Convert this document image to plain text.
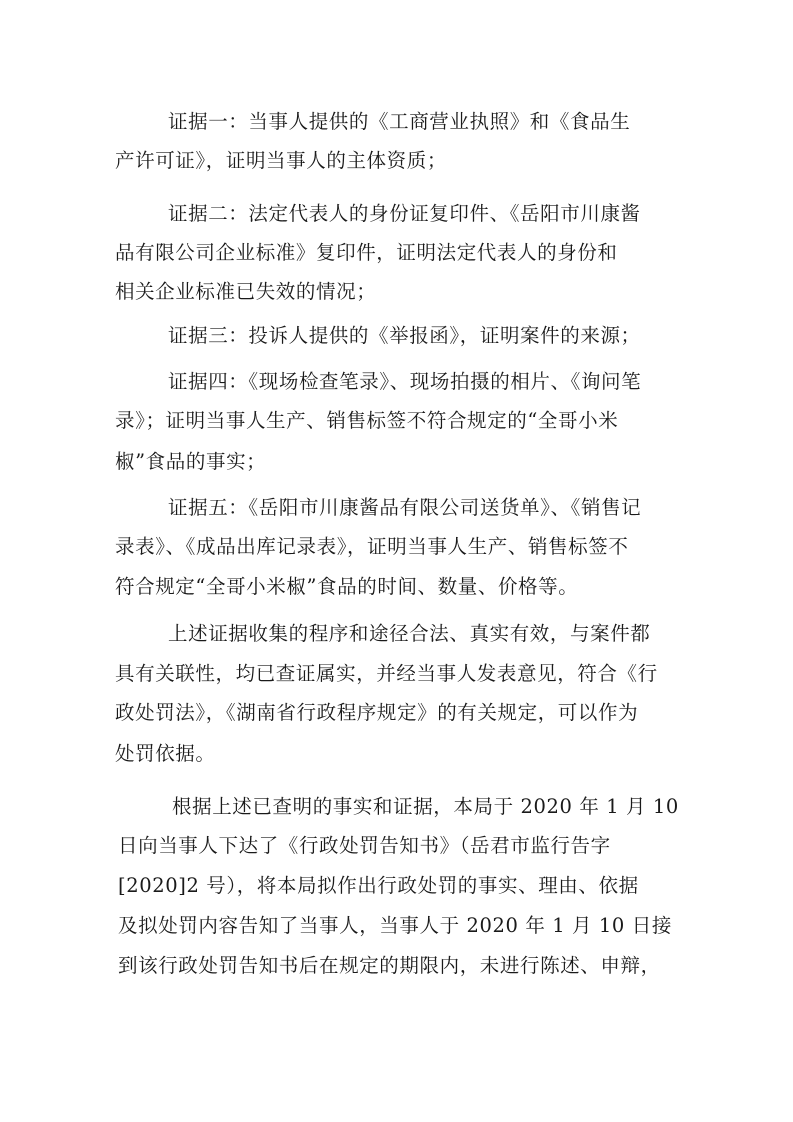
证据一：当事人提供的《工商营业执照》和《食品生
产许可证》，证明当事人的主体资质；
证据二：法定代表人的身份证复印件、《岳阳市川康酱
品有限公司企业标准》复印件，证明法定代表人的身份和
相关企业标准已失效的情况；
证据三：投诉人提供的《举报函》，证明案件的来源；
证据四：《现场检查笔录》、现场拍摄的相片、《询问笔
录》；证明当事人生产、销售标签不符合规定的“全哥小米
椒”食品的事实；
证据五：《岳阳市川康酱品有限公司送货单》、《销售记
录表》、《成品出库记录表》，证明当事人生产、销售标签不
符合规定“全哥小米椒”食品的时间、数量、价格等。
上述证据收集的程序和途径合法、真实有效，与案件都
具有关联性，均已查证属实，并经当事人发表意见，符合《行
政处罚法》，《湖南省行政程序规定》的有关规定，可以作为
处罚依据。
根据上述已查明的事实和证据，本局于 2020 年 1 月 10
日向当事人下达了《行政处罚告知书》（岳君市监行告字
[2020]2 号），将本局拟作出行政处罚的事实、理由、依据
及拟处罚内容告知了当事人，当事人于 2020 年 1 月 10 日接
到该行政处罚告知书后在规定的期限内，未进行陈述、申辩，
